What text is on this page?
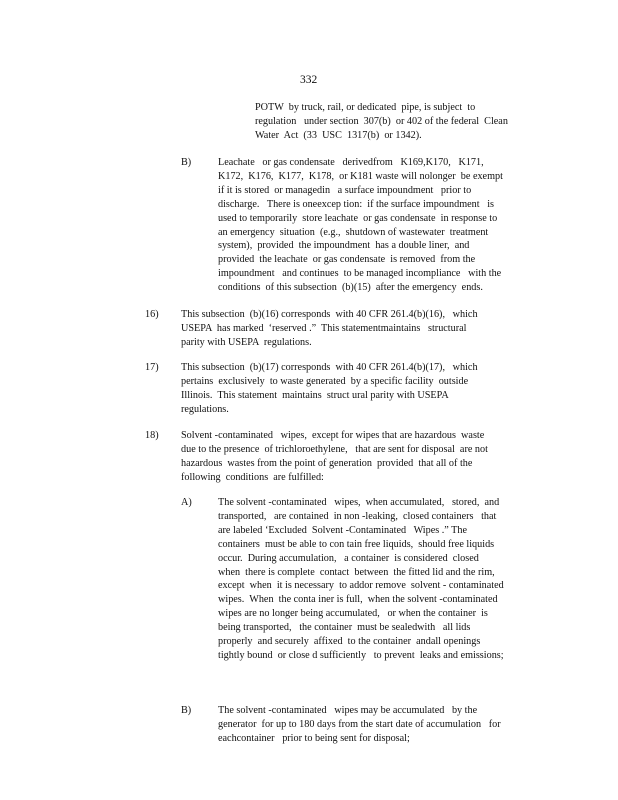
332
POTW  by truck, rail, or dedicated  pipe, is subject  to
regulation   under section  307(b)  or 402 of the federal  Clean
Water  Act  (33  USC  1317(b)  or 1342).
B)	Leachate   or gas condensate   derivedfrom   K169,K170,   K171,
K172,  K176,  K177,  K178,  or K181 waste will nolonger  be exempt
if it is stored  or managedin   a surface impoundment   prior to
discharge.   There is oneexcep tion:  if the surface impoundment   is
used to temporarily  store leachate  or gas condensate  in response to
an emergency  situation  (e.g.,  shutdown of wastewater  treatment
system),  provided  the impoundment  has a double liner,  and
provided  the leachate  or gas condensate  is removed  from the
impoundment   and continues  to be managed incompliance   with the
conditions  of this subsection  (b)(15)  after the emergency  ends.
16) This subsection  (b)(16) corresponds  with 40 CFR 261.4(b)(16),   which
USEPA  has marked  ‘reserved .”  This statementmaintains   structural
parity with USEPA  regulations.
17) This subsection  (b)(17) corresponds  with 40 CFR 261.4(b)(17),   which
pertains  exclusively  to waste generated  by a specific facility  outside
Illinois.  This statement  maintains  struct ural parity with USEPA
regulations.
18) Solvent -contaminated   wipes,  except for wipes that are hazardous  waste
due to the presence  of trichloroethylene,   that are sent for disposal  are not
hazardous  wastes from the point of generation  provided  that all of the
following  conditions  are fulfilled:
A)	The solvent -contaminated   wipes,  when accumulated,   stored,  and
transported,   are contained  in non -leaking,  closed containers   that
are labeled ‘Excluded  Solvent -Contaminated   Wipes .” The
containers  must be able to con tain free liquids,  should free liquids
occur.  During accumulation,   a container  is considered  closed
when  there is complete  contact  between  the fitted lid and the rim,
except  when  it is necessary  to addor remove  solvent - contaminated
wipes.  When  the conta iner is full,  when the solvent -contaminated
wipes are no longer being accumulated,   or when the container  is
being transported,   the container  must be sealedwith   all lids
properly  and securely  affixed  to the container  andall openings
tightly bound  or close d sufficiently   to prevent  leaks and emissions;
B)	The solvent -contaminated   wipes may be accumulated   by the
generator  for up to 180 days from the start date of accumulation   for
eachcontainer   prior to being sent for disposal;
